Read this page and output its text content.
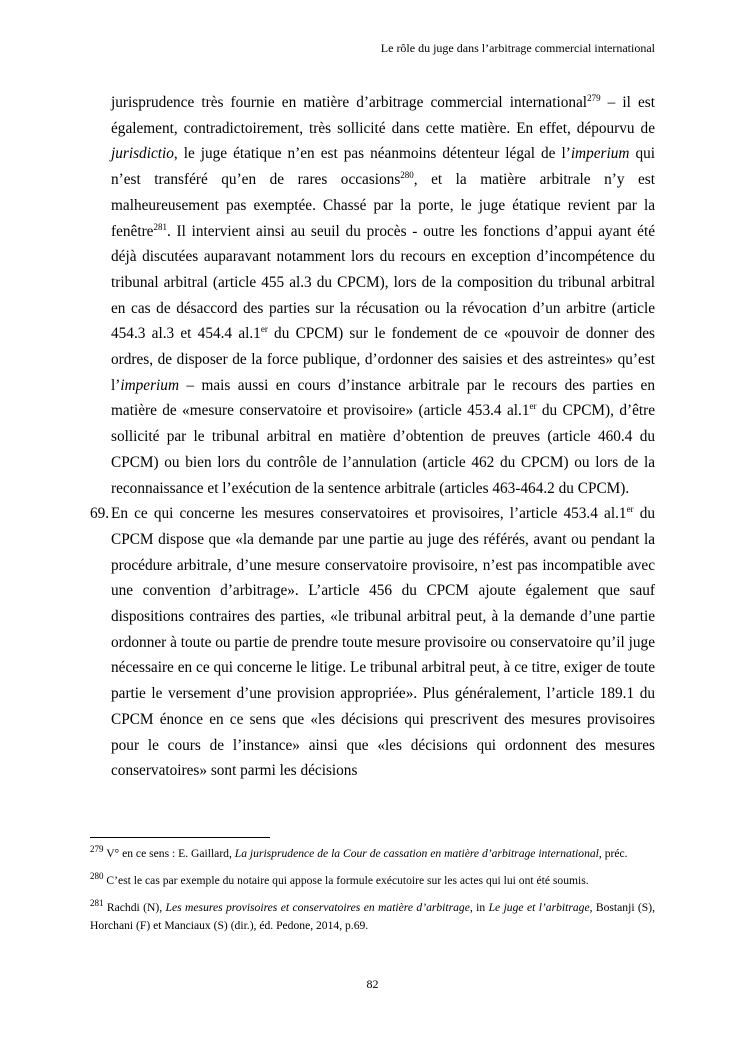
Le rôle du juge dans l’arbitrage commercial international

jurisprudence très fournie en matière d’arbitrage commercial international$^{279}$ – il est également, contradictoirement, très sollicité dans cette matière. En effet, dépourvu de jurisdictio, le juge étatique n’en est pas néanmoins détenteur légal de l’imperium qui n’est transféré qu’en de rares occasions$^{280}$, et la matière arbitrale n’y est malheureusement pas exemptée. Chassé par la porte, le juge étatique revient par la fenêtre$^{281}$. Il intervient ainsi au seuil du procès - outre les fonctions d’appui ayant été déjà discutées auparavant notamment lors du recours en exception d’incompétence du tribunal arbitral (article 455 al.3 du CPCM), lors de la composition du tribunal arbitral en cas de désaccord des parties sur la récusation ou la révocation d’un arbitre (article 454.3 al.3 et 454.4 al.1er du CPCM) sur le fondement de ce «pouvoir de donner des ordres, de disposer de la force publique, d’ordonner des saisies et des astreintes» qu’est l’imperium – mais aussi en cours d’instance arbitrale par le recours des parties en matière de «mesure conservatoire et provisoire» (article 453.4 al.1er du CPCM), d’être sollicité par le tribunal arbitral en matière d’obtention de preuves (article 460.4 du CPCM) ou bien lors du contrôle de l’annulation (article 462 du CPCM) ou lors de la reconnaissance et l’exécution de la sentence arbitrale (articles 463-464.2 du CPCM).

69. En ce qui concerne les mesures conservatoires et provisoires, l’article 453.4 al.1er du CPCM dispose que «la demande par une partie au juge des référés, avant ou pendant la procédure arbitrale, d’une mesure conservatoire provisoire, n’est pas incompatible avec une convention d’arbitrage». L’article 456 du CPCM ajoute également que sauf dispositions contraires des parties, «le tribunal arbitral peut, à la demande d’une partie ordonner à toute ou partie de prendre toute mesure provisoire ou conservatoire qu’il juge nécessaire en ce qui concerne le litige. Le tribunal arbitral peut, à ce titre, exiger de toute partie le versement d’une provision appropriée». Plus généralement, l’article 189.1 du CPCM énonce en ce sens que «les décisions qui prescrivent des mesures provisoires pour le cours de l’instance» ainsi que «les décisions qui ordonnent des mesures conservatoires» sont parmi les décisions

$^{279}$ V° en ce sens : E. Gaillard, La jurisprudence de la Cour de cassation en matière d’arbitrage international, préc.

$^{280}$ C’est le cas par exemple du notaire qui appose la formule exécutoire sur les actes qui lui ont été soumis.

$^{281}$ Rachdi (N), Les mesures provisoires et conservatoires en matière d’arbitrage, in Le juge et l’arbitrage, Bostanji (S), Horchani (F) et Manciaux (S) (dir.), éd. Pedone, 2014, p.69.

82
